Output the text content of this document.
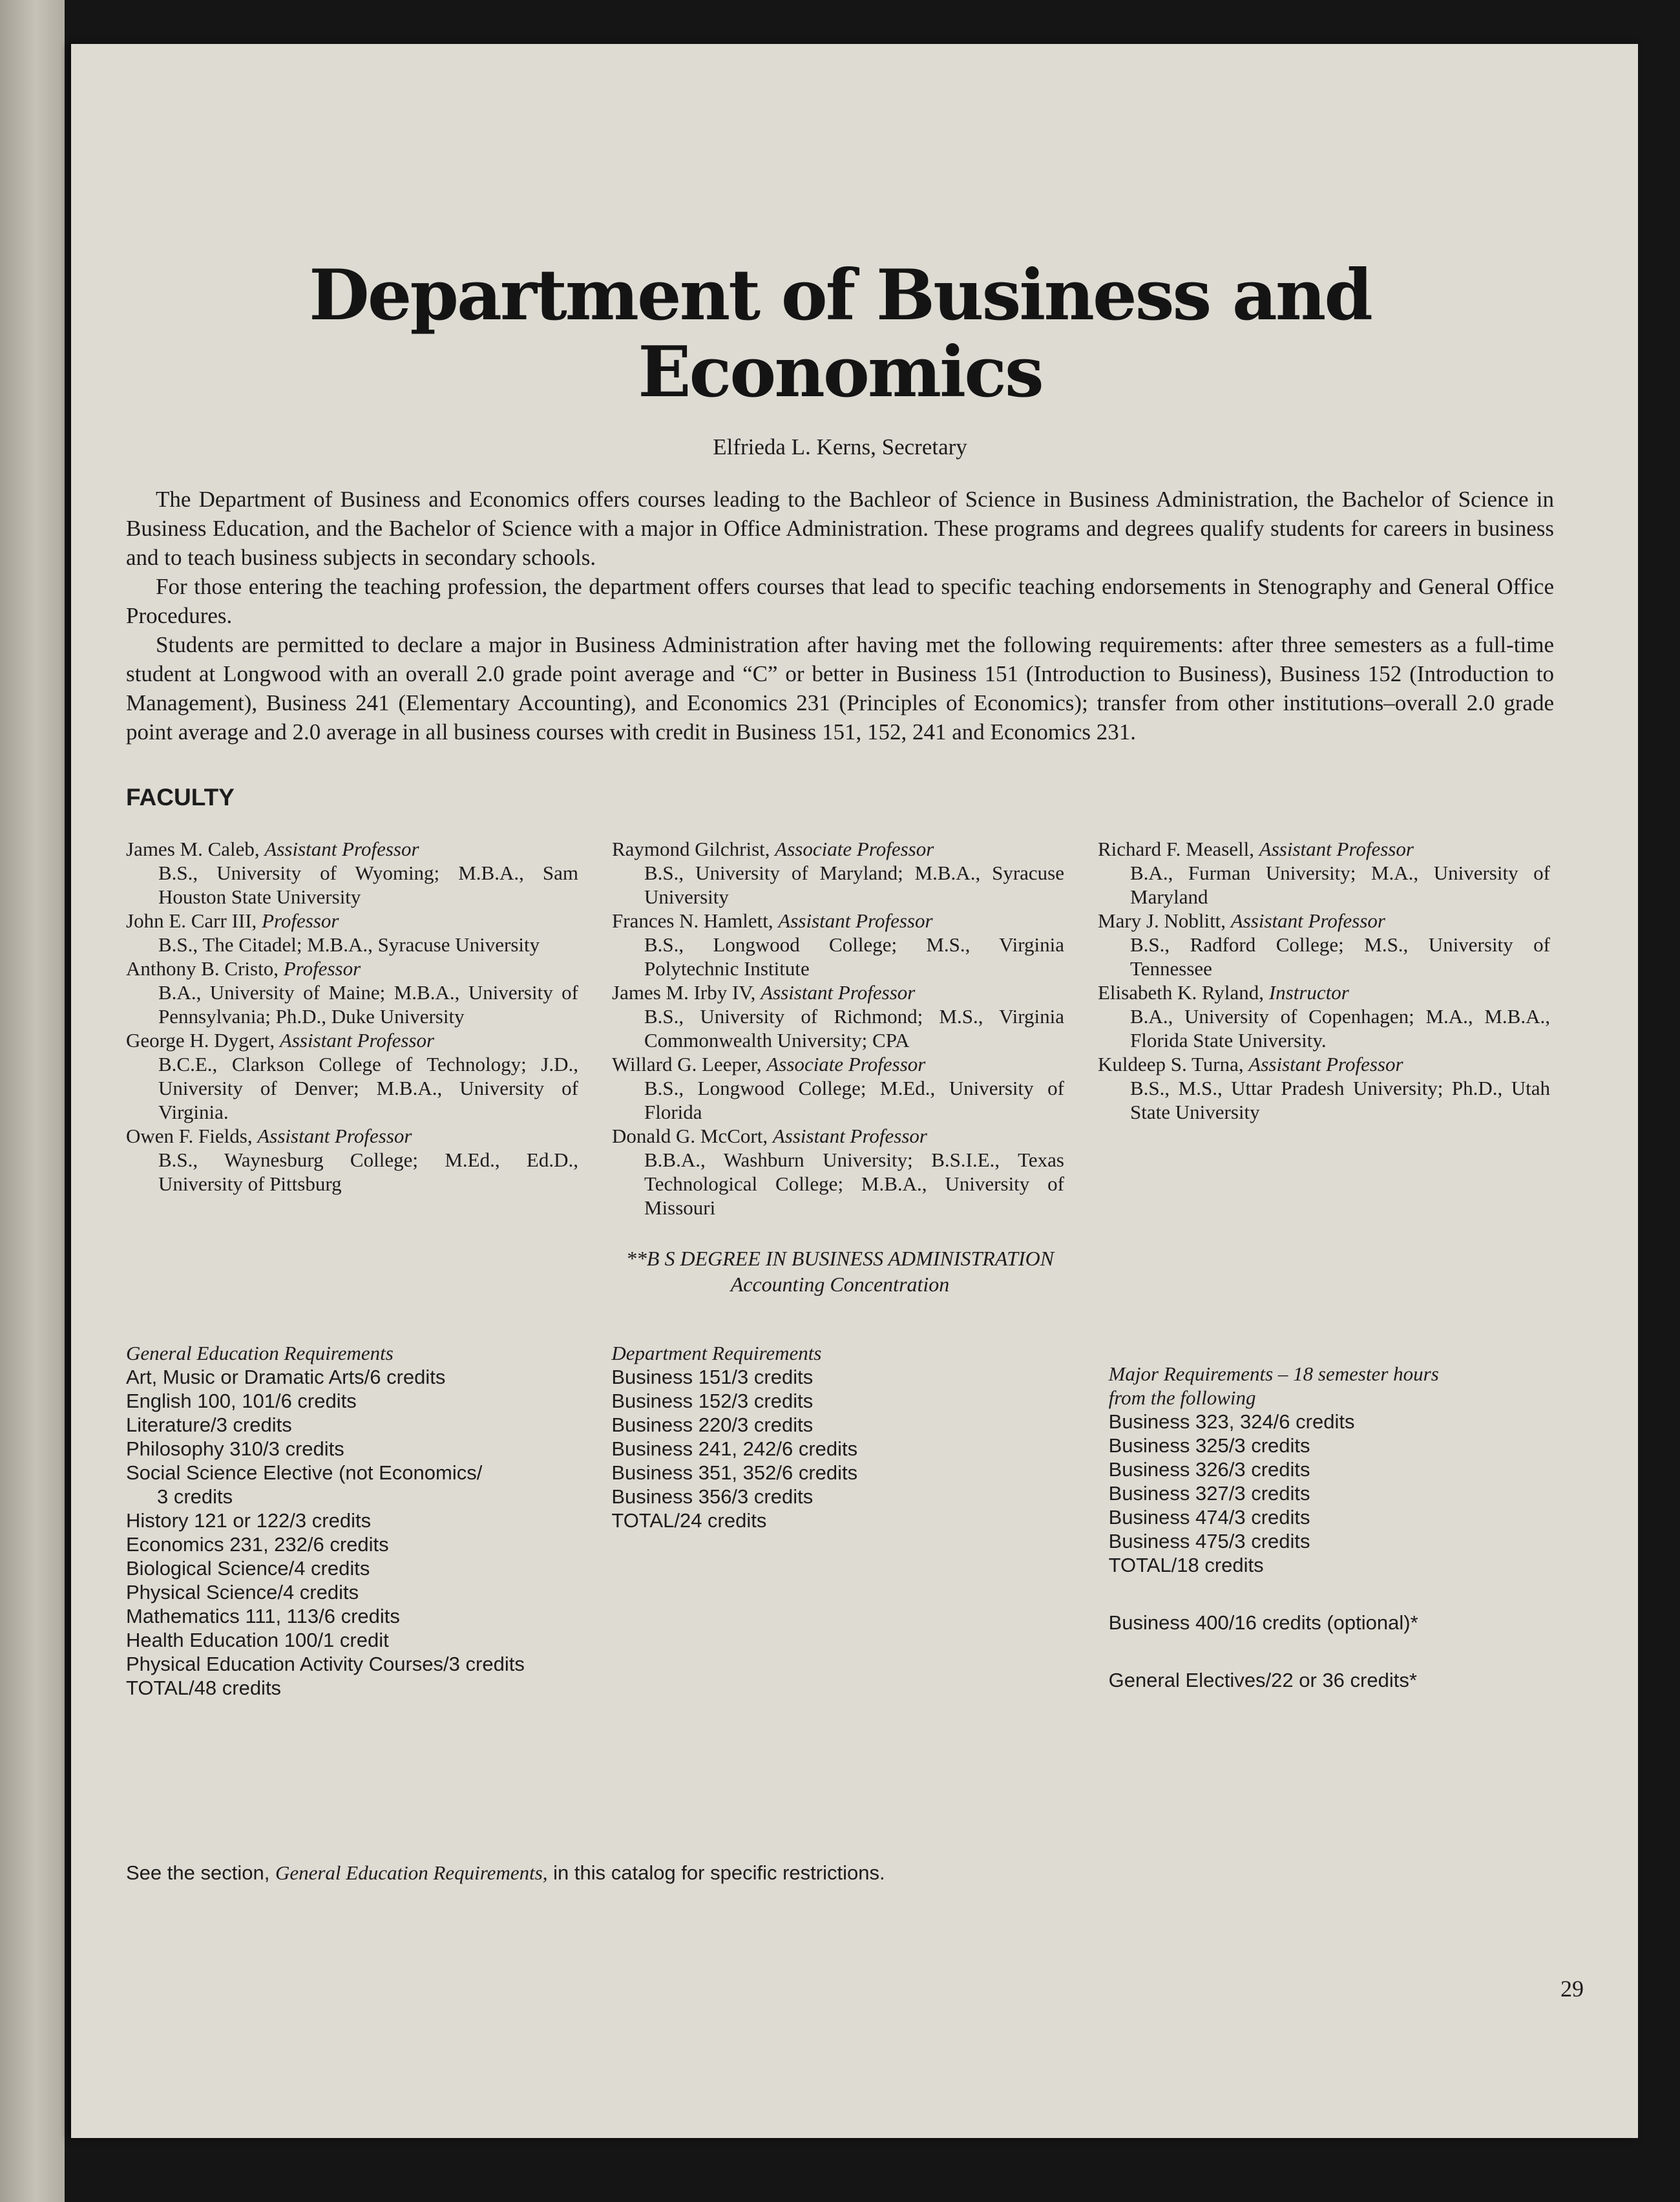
Department of Business and Economics
Elfrieda L. Kerns, Secretary

The Department of Business and Economics offers courses leading to the Bachleor of Science in Business Administration, the Bachelor of Science in Business Education, and the Bachelor of Science with a major in Office Administration. These programs and degrees qualify students for careers in business and to teach business subjects in secondary schools.

For those entering the teaching profession, the department offers courses that lead to specific teaching endorsements in Stenography and General Office Procedures.

Students are permitted to declare a major in Business Administration after having met the following requirements: after three semesters as a full-time student at Longwood with an overall 2.0 grade point average and “C” or better in Business 151 (Introduction to Business), Business 152 (Introduction to Management), Business 241 (Elementary Accounting), and Economics 231 (Principles of Economics); transfer from other institutions–overall 2.0 grade point average and 2.0 average in all business courses with credit in Business 151, 152, 241 and Economics 231.

FACULTY
James M. Caleb, Assistant Professor
B.S., University of Wyoming; M.B.A., Sam Houston State University
John E. Carr III, Professor
B.S., The Citadel; M.B.A., Syracuse University
Anthony B. Cristo, Professor
B.A., University of Maine; M.B.A., University of Pennsylvania; Ph.D., Duke University
George H. Dygert, Assistant Professor
B.C.E., Clarkson College of Technology; J.D., University of Denver; M.B.A., University of Virginia.
Owen F. Fields, Assistant Professor
B.S., Waynesburg College; M.Ed., Ed.D., University of Pittsburg
Raymond Gilchrist, Associate Professor
B.S., University of Maryland; M.B.A., Syracuse University
Frances N. Hamlett, Assistant Professor
B.S., Longwood College; M.S., Virginia Polytechnic Institute
James M. Irby IV, Assistant Professor
B.S., University of Richmond; M.S., Virginia Commonwealth University; CPA
Willard G. Leeper, Associate Professor
B.S., Longwood College; M.Ed., University of Florida
Donald G. McCort, Assistant Professor
B.B.A., Washburn University; B.S.I.E., Texas Technological College; M.B.A., University of Missouri
Richard F. Measell, Assistant Professor
B.A., Furman University; M.A., University of Maryland
Mary J. Noblitt, Assistant Professor
B.S., Radford College; M.S., University of Tennessee
Elisabeth K. Ryland, Instructor
B.A., University of Copenhagen; M.A., M.B.A., Florida State University.
Kuldeep S. Turna, Assistant Professor
B.S., M.S., Uttar Pradesh University; Ph.D., Utah State University
**B S DEGREE IN BUSINESS ADMINISTRATION
Accounting Concentration
General Education Requirements
Art, Music or Dramatic Arts/6 credits
English 100, 101/6 credits
Literature/3 credits
Philosophy 310/3 credits
Social Science Elective (not Economics/
3 credits
History 121 or 122/3 credits
Economics 231, 232/6 credits
Biological Science/4 credits
Physical Science/4 credits
Mathematics 111, 113/6 credits
Health Education 100/1 credit
Physical Education Activity Courses/3 credits
TOTAL/48 credits
Department Requirements
Business 151/3 credits
Business 152/3 credits
Business 220/3 credits
Business 241, 242/6 credits
Business 351, 352/6 credits
Business 356/3 credits
TOTAL/24 credits
Major Requirements – 18 semester hours
from the following
Business 323, 324/6 credits
Business 325/3 credits
Business 326/3 credits
Business 327/3 credits
Business 474/3 credits
Business 475/3 credits
TOTAL/18 credits
Business 400/16 credits (optional)*
General Electives/22 or 36 credits*
See the section, General Education Requirements, in this catalog for specific restrictions.
29
